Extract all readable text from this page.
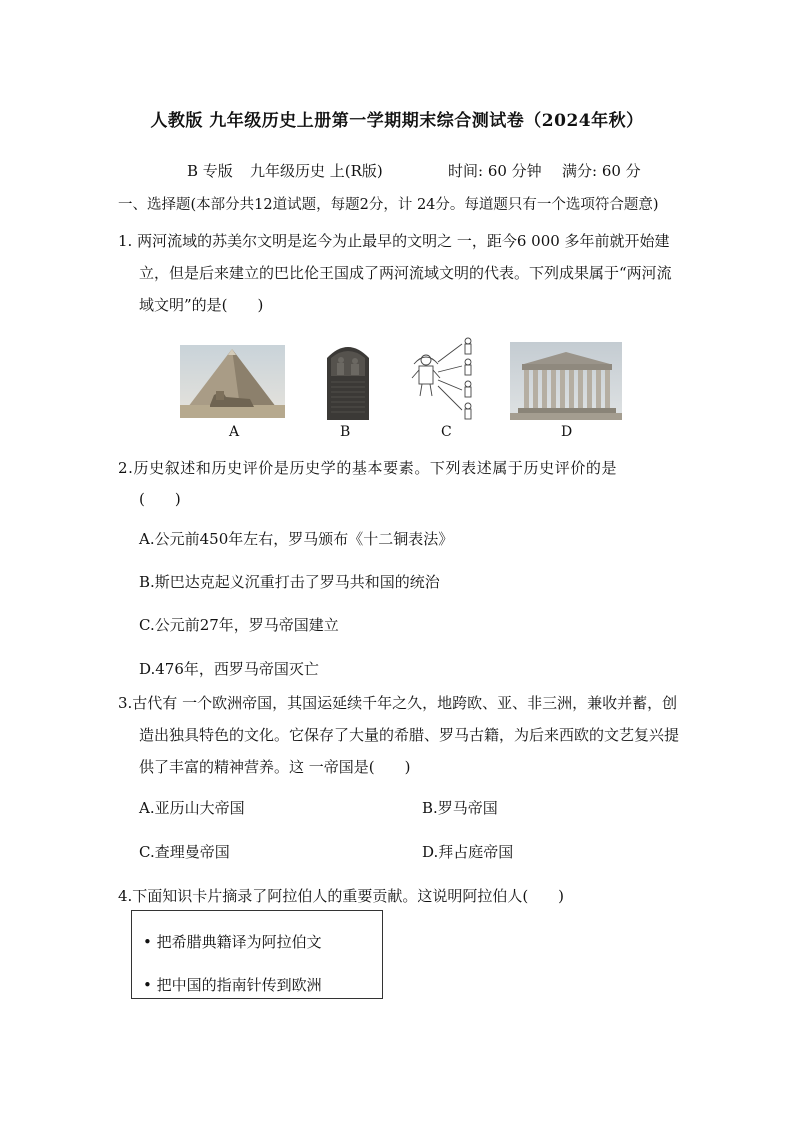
人教版 九年级历史上册第一学期期末综合测试卷（2024年秋）
B 专版 九年级历史 上(R版)	时间: 60 分钟 满分: 60 分
一、选择题(本部分共12道试题，每题2分，计 24分。每道题只有一个选项符合题意)
1. 两河流域的苏美尔文明是迄今为止最早的文明之 一，距今6 000 多年前就开始建
立，但是后来建立的巴比伦王国成了两河流域文明的代表。下列成果属于“两河流
域文明”的是(　　)
A	B	C	D
2.历史叙述和历史评价是历史学的基本要素。下列表述属于历史评价的是
(　　)
A.公元前450年左右，罗马颁布《十二铜表法》
B.斯巴达克起义沉重打击了罗马共和国的统治
C.公元前27年，罗马帝国建立
D.476年，西罗马帝国灭亡
3.古代有 一个欧洲帝国，其国运延续千年之久，地跨欧、亚、非三洲，兼收并蓄，创
造出独具特色的文化。它保存了大量的希腊、罗马古籍，为后来西欧的文艺复兴提
供了丰富的精神营养。这 一帝国是(　　)
A.亚历山大帝国	B.罗马帝国
C.查理曼帝国	D.拜占庭帝国
4.下面知识卡片摘录了阿拉伯人的重要贡献。这说明阿拉伯人(　　)
• 把希腊典籍译为阿拉伯文
• 把中国的指南针传到欧洲
